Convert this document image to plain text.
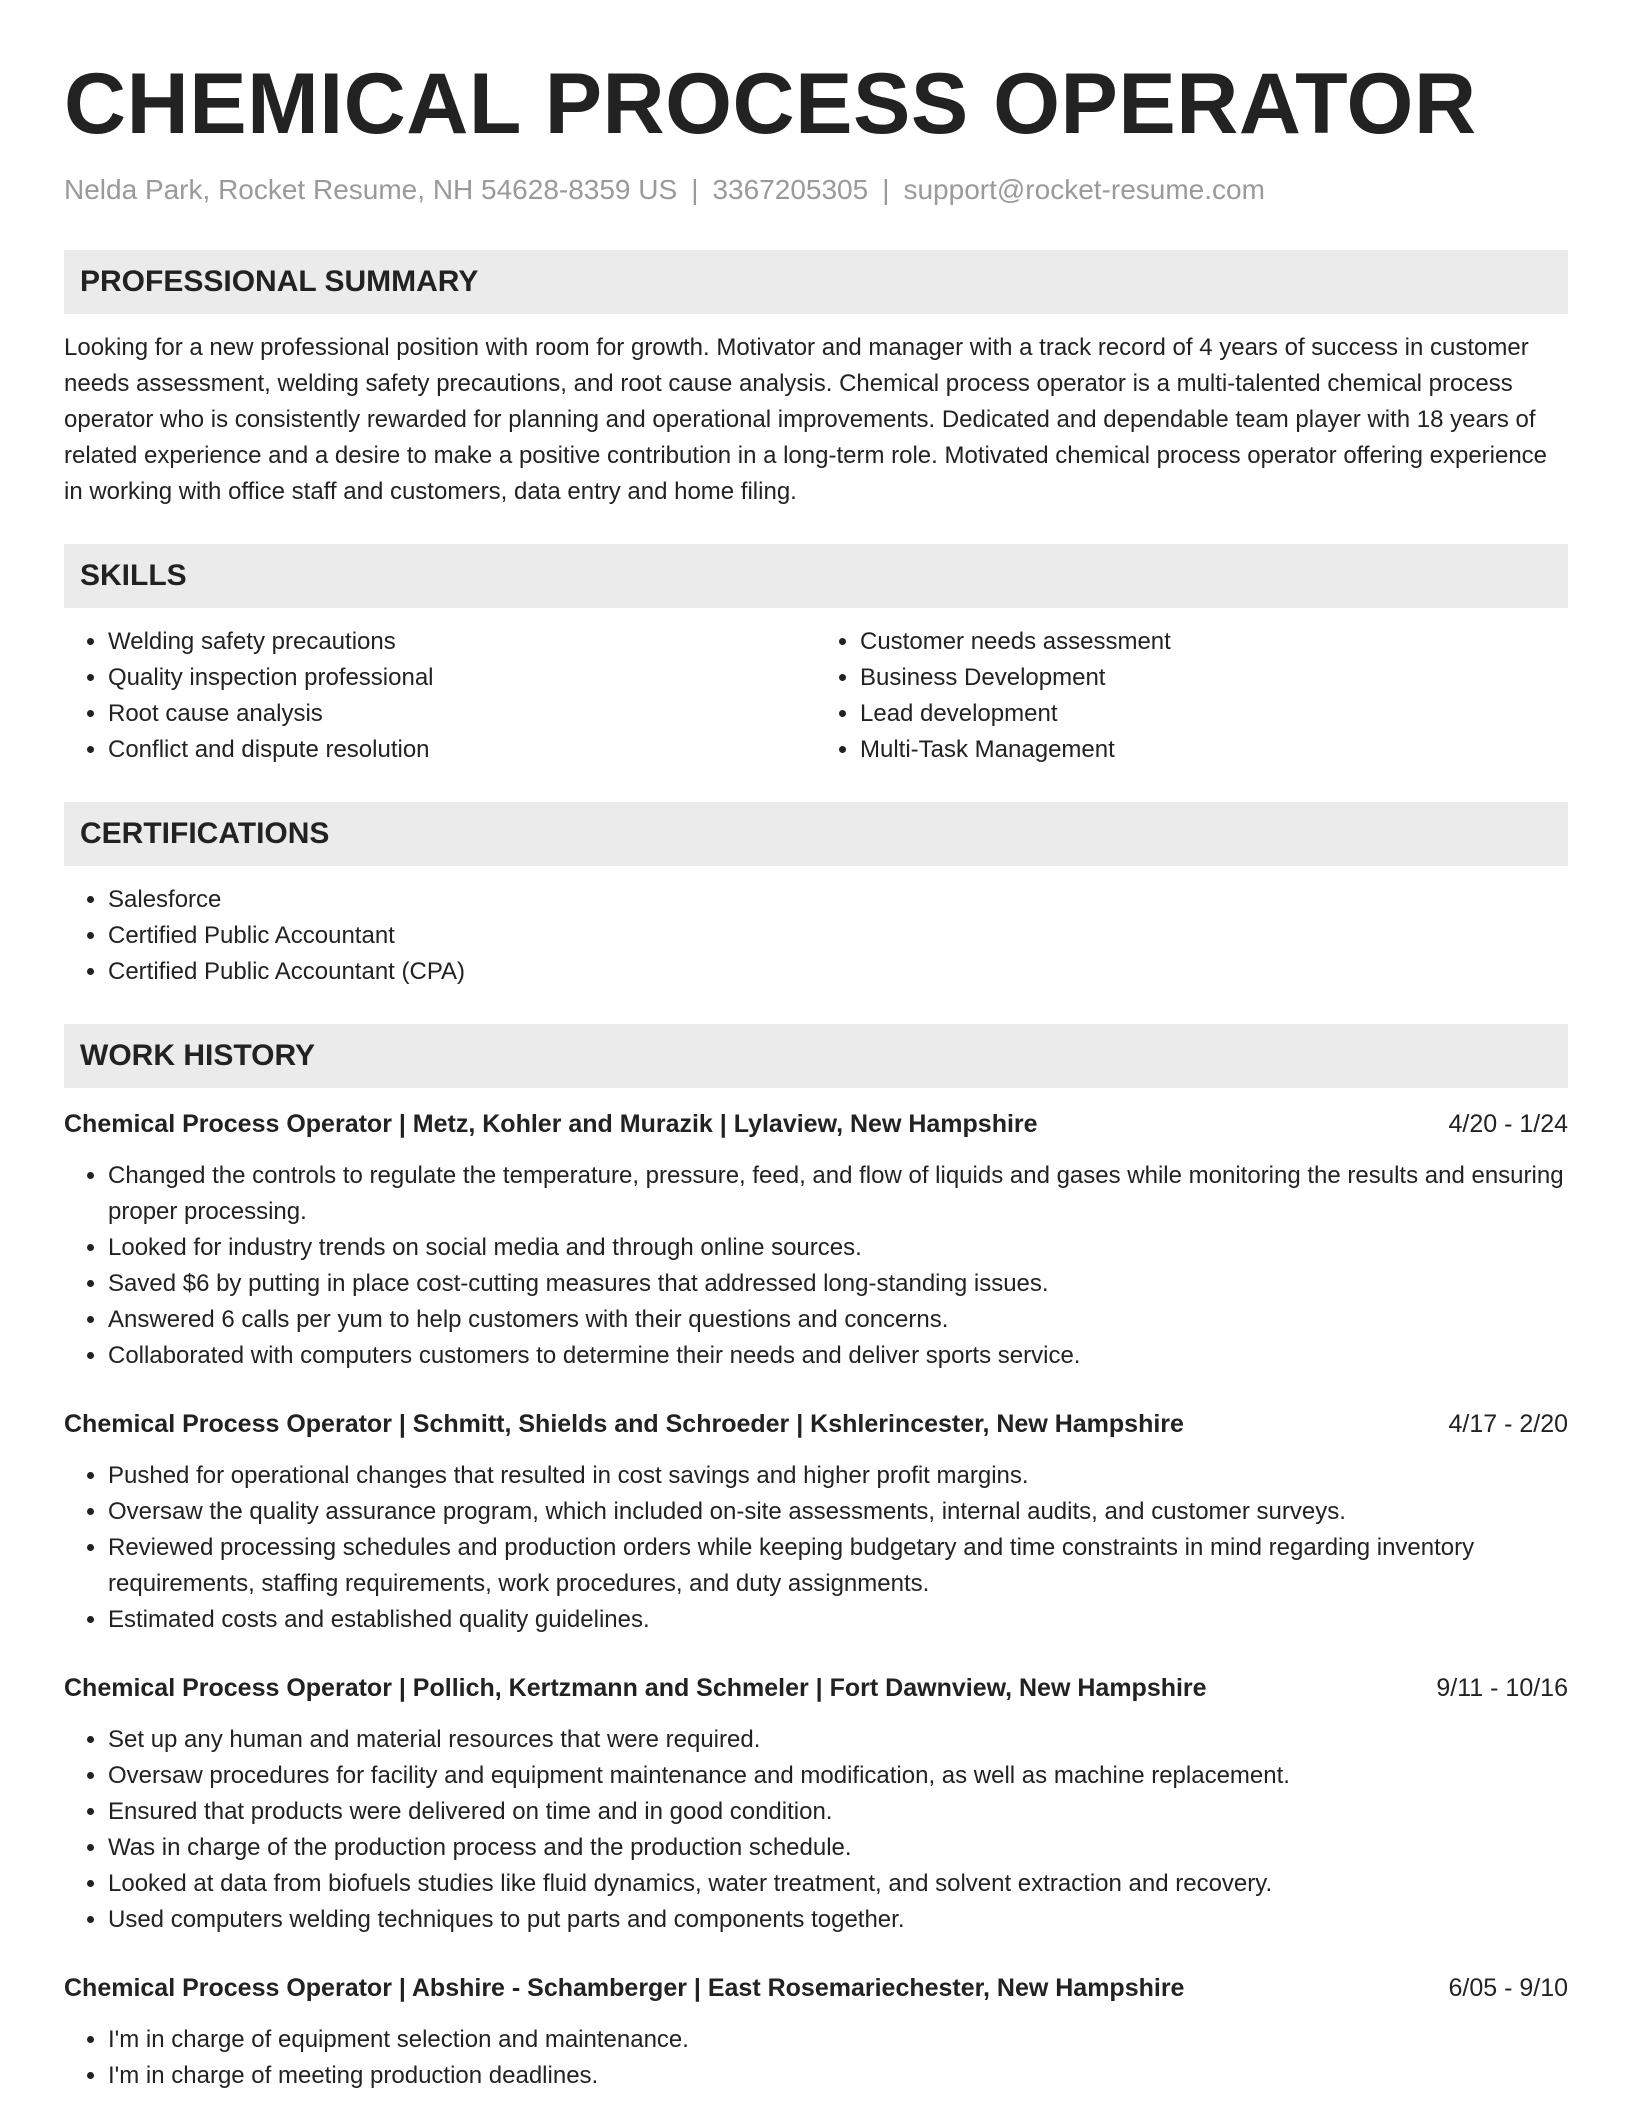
CHEMICAL PROCESS OPERATOR
Nelda Park, Rocket Resume, NH 54628-8359 US | 3367205305 | support@rocket-resume.com
PROFESSIONAL SUMMARY
Looking for a new professional position with room for growth. Motivator and manager with a track record of 4 years of success in customer needs assessment, welding safety precautions, and root cause analysis. Chemical process operator is a multi-talented chemical process operator who is consistently rewarded for planning and operational improvements. Dedicated and dependable team player with 18 years of related experience and a desire to make a positive contribution in a long-term role. Motivated chemical process operator offering experience in working with office staff and customers, data entry and home filing.
SKILLS
• Welding safety precautions
• Quality inspection professional
• Root cause analysis
• Conflict and dispute resolution
• Customer needs assessment
• Business Development
• Lead development
• Multi-Task Management
CERTIFICATIONS
• Salesforce
• Certified Public Accountant
• Certified Public Accountant (CPA)
WORK HISTORY
Chemical Process Operator | Metz, Kohler and Murazik | Lylaview, New Hampshire	4/20 - 1/24
• Changed the controls to regulate the temperature, pressure, feed, and flow of liquids and gases while monitoring the results and ensuring proper processing.
• Looked for industry trends on social media and through online sources.
• Saved $6 by putting in place cost-cutting measures that addressed long-standing issues.
• Answered 6 calls per yum to help customers with their questions and concerns.
• Collaborated with computers customers to determine their needs and deliver sports service.
Chemical Process Operator | Schmitt, Shields and Schroeder | Kshlerincester, New Hampshire	4/17 - 2/20
• Pushed for operational changes that resulted in cost savings and higher profit margins.
• Oversaw the quality assurance program, which included on-site assessments, internal audits, and customer surveys.
• Reviewed processing schedules and production orders while keeping budgetary and time constraints in mind regarding inventory requirements, staffing requirements, work procedures, and duty assignments.
• Estimated costs and established quality guidelines.
Chemical Process Operator | Pollich, Kertzmann and Schmeler | Fort Dawnview, New Hampshire	9/11 - 10/16
• Set up any human and material resources that were required.
• Oversaw procedures for facility and equipment maintenance and modification, as well as machine replacement.
• Ensured that products were delivered on time and in good condition.
• Was in charge of the production process and the production schedule.
• Looked at data from biofuels studies like fluid dynamics, water treatment, and solvent extraction and recovery.
• Used computers welding techniques to put parts and components together.
Chemical Process Operator | Abshire - Schamberger | East Rosemariechester, New Hampshire	6/05 - 9/10
• I'm in charge of equipment selection and maintenance.
• I'm in charge of meeting production deadlines.
